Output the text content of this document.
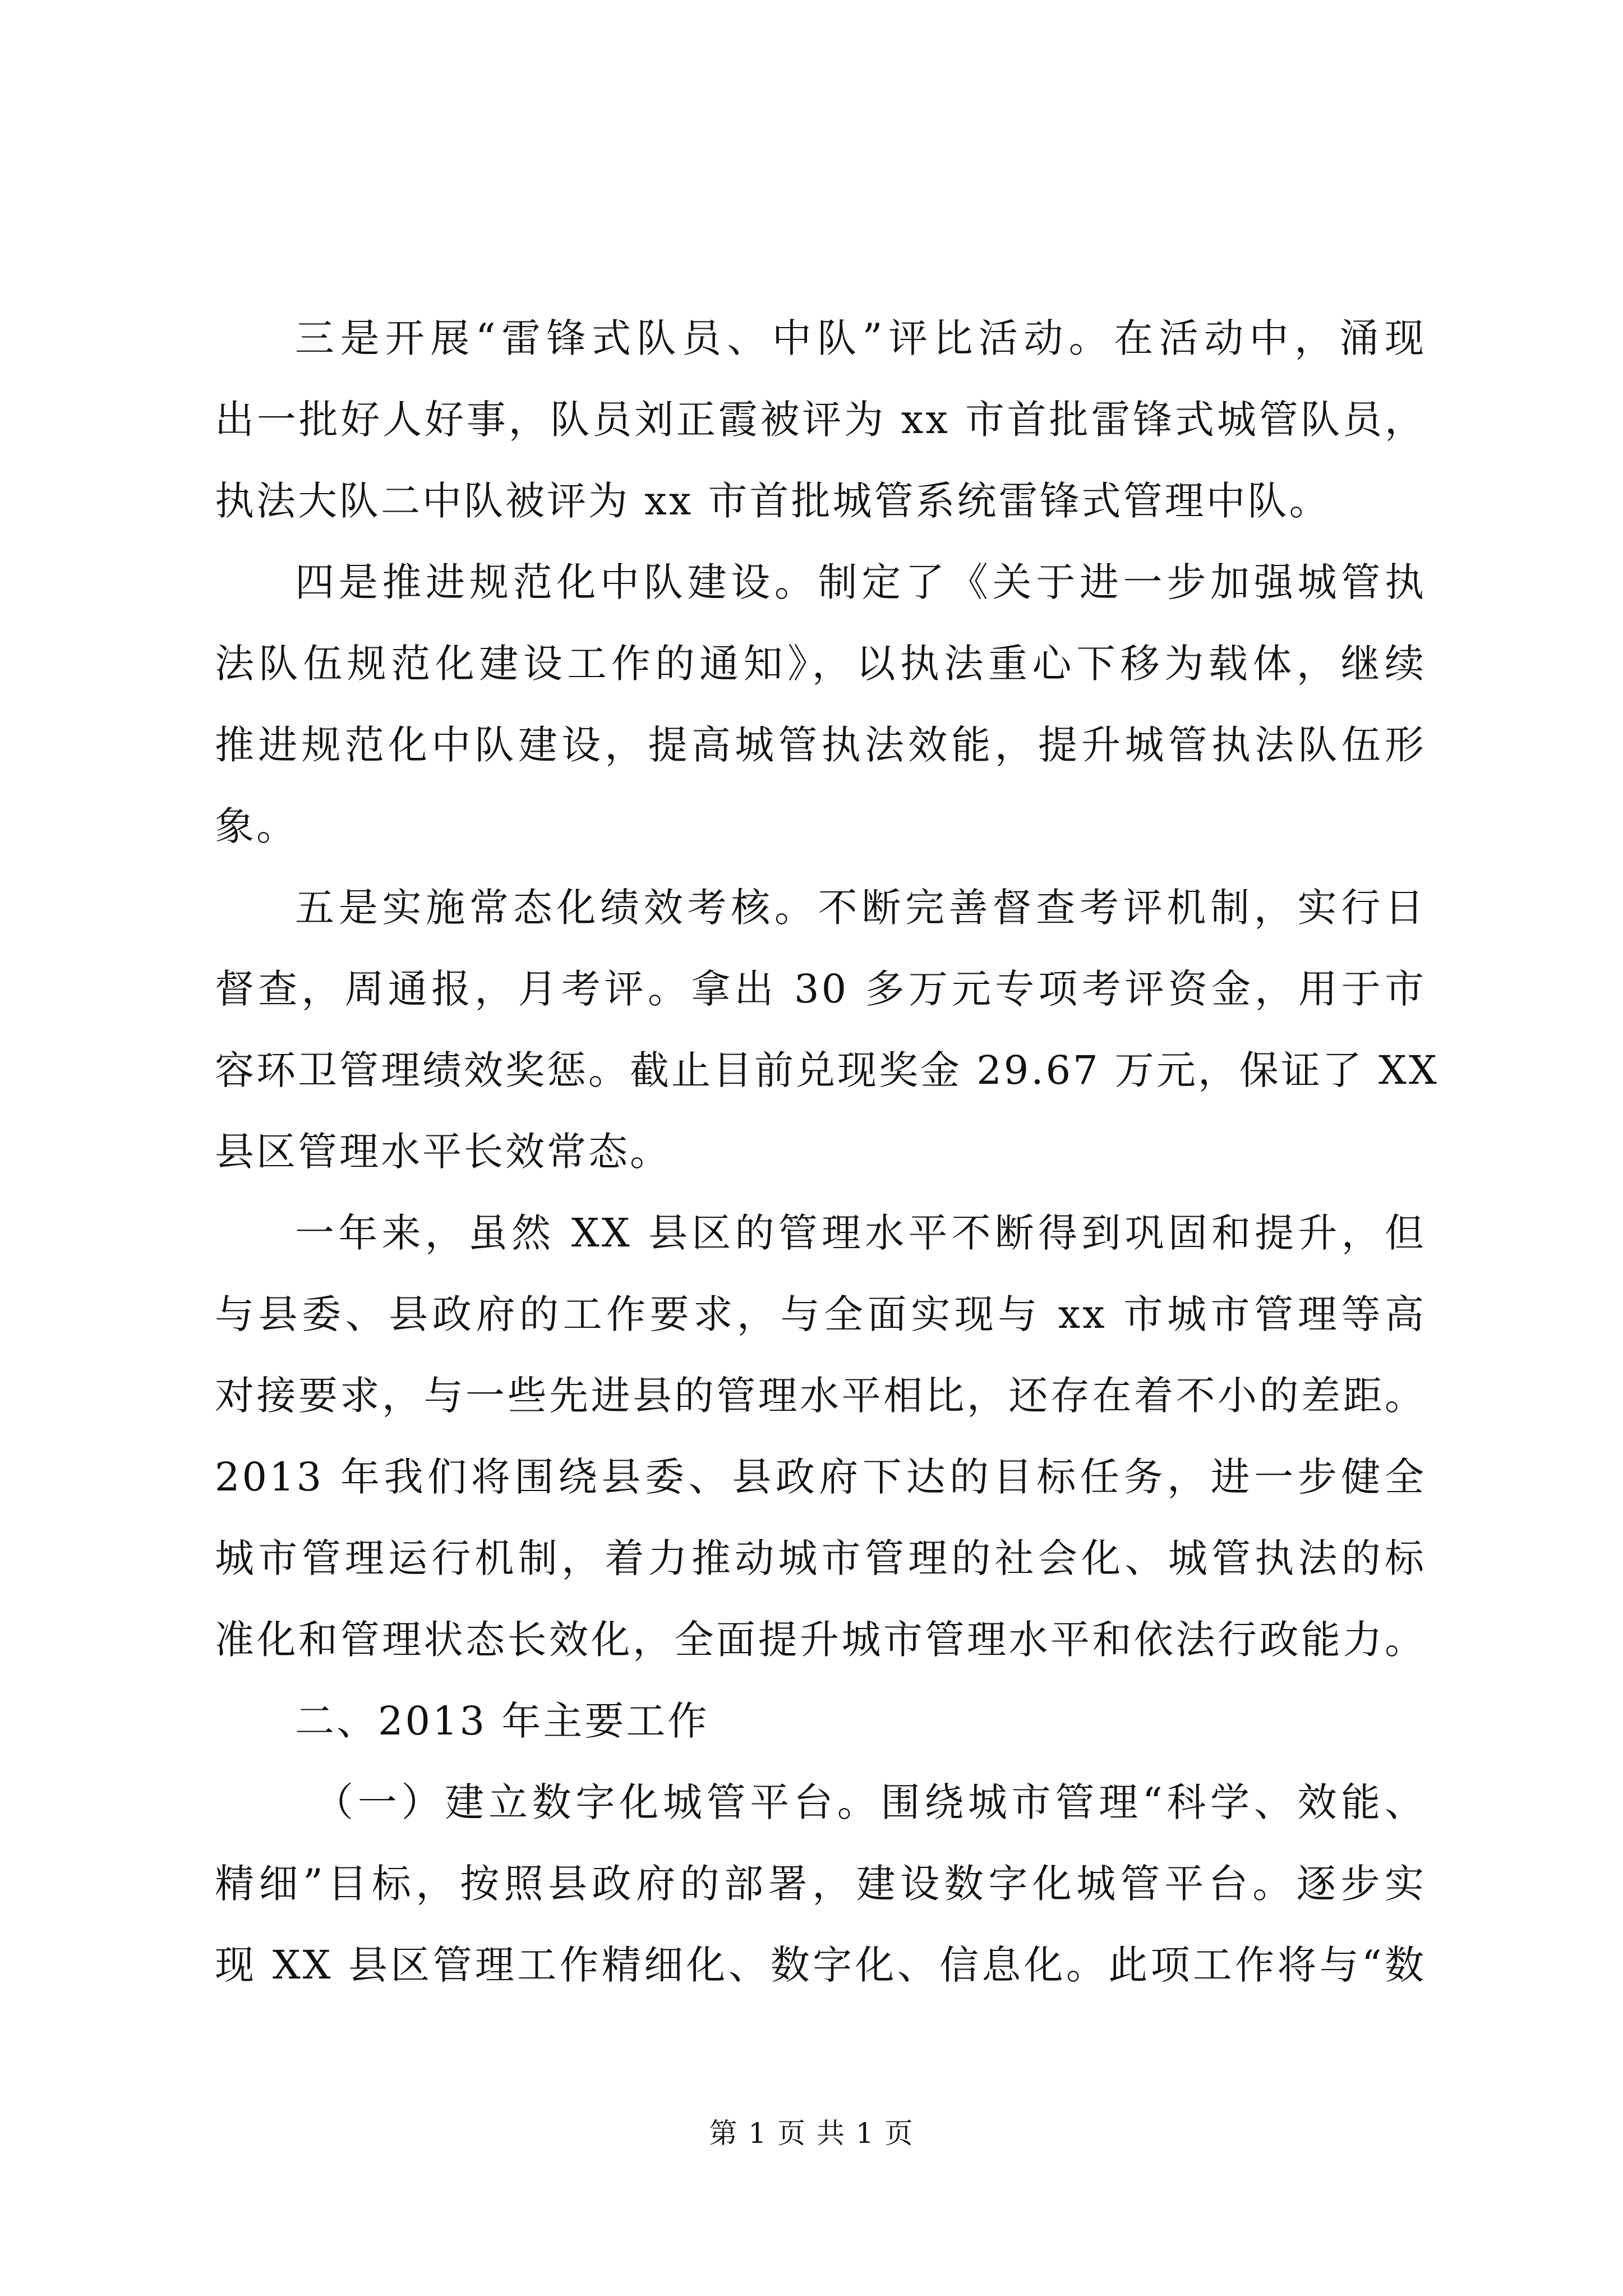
三是开展“雷锋式队员、中队”评比活动。在活动中，涌现
出一批好人好事，队员刘正霞被评为 xx 市首批雷锋式城管队员，
执法大队二中队被评为 xx 市首批城管系统雷锋式管理中队。
四是推进规范化中队建设。制定了《关于进一步加强城管执
法队伍规范化建设工作的通知》，以执法重心下移为载体，继续
推进规范化中队建设，提高城管执法效能，提升城管执法队伍形
象。
五是实施常态化绩效考核。不断完善督查考评机制，实行日
督查，周通报，月考评。拿出 30 多万元专项考评资金，用于市
容环卫管理绩效奖惩。截止目前兑现奖金 29.67 万元，保证了 XX
县区管理水平长效常态。
一年来，虽然 XX 县区的管理水平不断得到巩固和提升，但
与县委、县政府的工作要求，与全面实现与 xx 市城市管理等高
对接要求，与一些先进县的管理水平相比，还存在着不小的差距。
2013 年我们将围绕县委、县政府下达的目标任务，进一步健全
城市管理运行机制，着力推动城市管理的社会化、城管执法的标
准化和管理状态长效化，全面提升城市管理水平和依法行政能力。
二、2013 年主要工作
（一）建立数字化城管平台。围绕城市管理“科学、效能、
精细”目标，按照县政府的部署，建设数字化城管平台。逐步实
现 XX 县区管理工作精细化、数字化、信息化。此项工作将与“数
第 1 页 共 1 页
